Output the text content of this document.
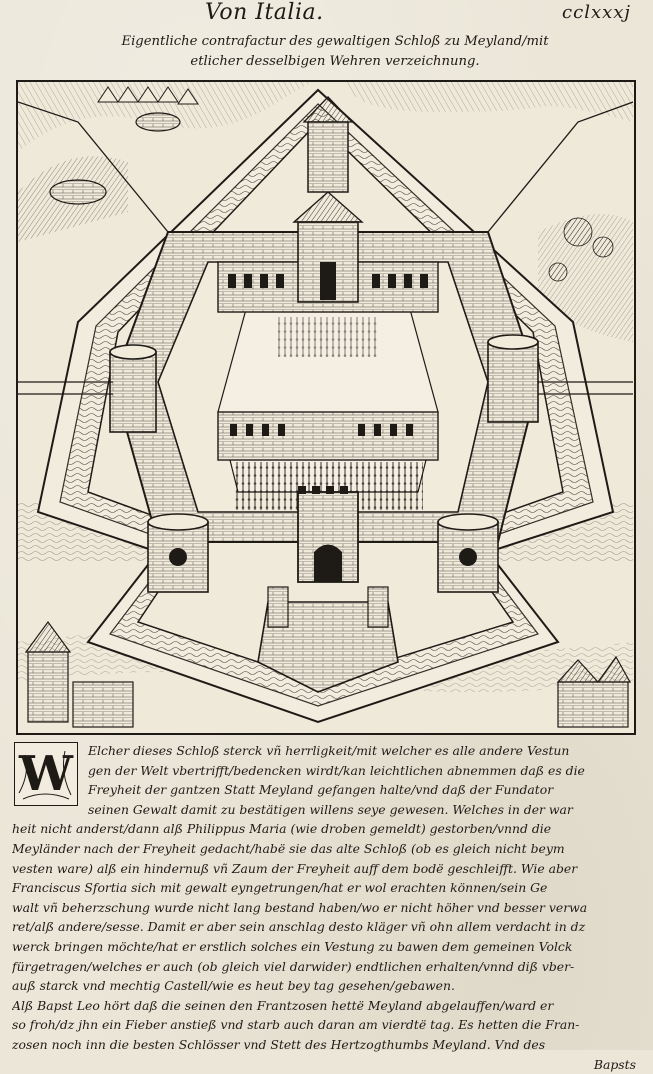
Von Italia.	cclxxxj
Eigentliche contrafactur des gewaltigen Schloß zu Meyland/mit
etlicher desselbigen Wehren verzeichnung.
W	Elcher dieses Schloß sterck vñ herrligkeit/mit welcher es alle andere Vestun
gen der Welt vbertrifft/bedencken wirdt/kan leichtlichen abnemmen daß es die
Freyheit der gantzen Statt Meyland gefangen halte/vnd daß der Fundator
seinen Gewalt damit zu bestätigen willens seye gewesen. Welches in der war
heit nicht anderst/dann alß Philippus Maria (wie droben gemeldt) gestorben/vnnd die
Meyländer nach der Freyheit gedacht/habë sie das alte Schloß (ob es gleich nicht beym
vesten ware) alß ein hindernuß vñ Zaum der Freyheit auff dem bodë geschleifft. Wie aber
Franciscus Sfortia sich mit gewalt eyngetrungen/hat er wol erachten können/sein Ge
walt vñ beherzschung wurde nicht lang bestand haben/wo er nicht höher vnd besser verwa
ret/alß andere/sesse. Damit er aber sein anschlag desto kläger vñ ohn allem verdacht in dz
werck bringen möchte/hat er erstlich solches ein Vestung zu bawen dem gemeinen Volck
fürgetragen/welches er auch (ob gleich viel darwider) endtlichen erhalten/vnnd diß vber-
auß starck vnd mechtig Castell/wie es heut bey tag gesehen/gebawen.
Alß Bapst Leo hört daß die seinen den Frantzosen hettë Meyland abgelauffen/ward er
so froh/dz jhn ein Fieber anstieß vnd starb auch daran am vierdtë tag. Es hetten die Fran-
zosen noch inn die besten Schlösser vnd Stett des Hertzogthumbs Meyland. Vnd des
Bapsts
